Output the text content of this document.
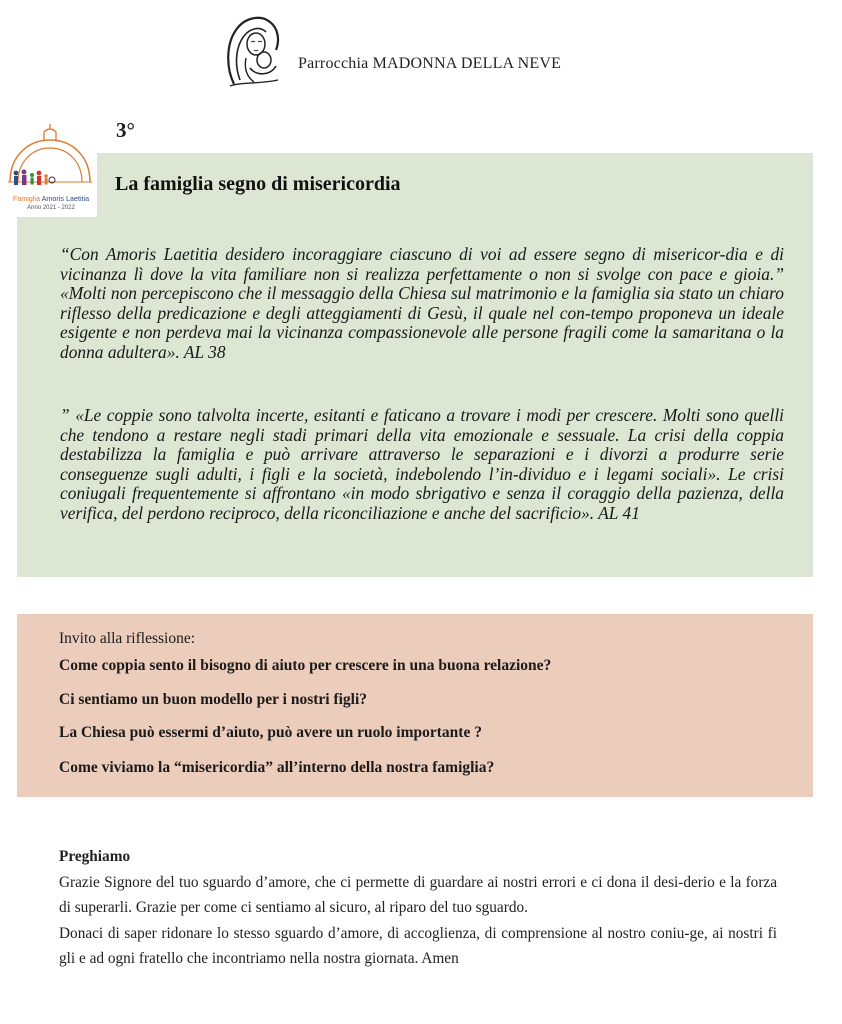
Parrocchia MADONNA DELLA NEVE
3°
Famiglia Amoris Laetitia
Anno 2021 - 2022
La famiglia segno di misericordia

“Con Amoris Laetitia desidero incoraggiare ciascuno di voi ad essere segno di misericor-dia e di vicinanza lì dove la vita familiare non si realizza perfettamente o non si svolge con pace e gioia.” «Molti non percepiscono che il messaggio della Chiesa sul matrimonio e la famiglia sia stato un chiaro riflesso della predicazione e degli atteggiamenti di Gesù, il quale nel con-tempo proponeva un ideale esigente e non perdeva mai la vicinanza compassionevole alle persone fragili come la samaritana o la donna adultera». AL 38

” «Le coppie sono talvolta incerte, esitanti e faticano a trovare i modi per crescere. Molti sono quelli che tendono a restare negli stadi primari della vita emozionale e sessuale. La crisi della coppia destabilizza la famiglia e può arrivare attraverso le separazioni e i divorzi a produrre serie conseguenze sugli adulti, i figli e la società, indebolendo l’in-dividuo e i legami sociali». Le crisi coniugali frequentemente si affrontano «in modo sbrigativo e senza il coraggio della pazienza, della verifica, del perdono reciproco, della riconciliazione e anche del sacrificio». AL 41

Invito alla riflessione:
Come coppia sento il bisogno di aiuto per crescere in una buona relazione?
Ci sentiamo un buon modello per i nostri figli?
La Chiesa può essermi d’aiuto, può avere un ruolo importante ?
Come viviamo la “misericordia” all’interno della nostra famiglia?
Preghiamo

Grazie Signore del tuo sguardo d’amore, che ci permette di guardare ai nostri errori e ci dona il desi-derio e la forza di superarli. Grazie per come ci sentiamo al sicuro, al riparo del tuo sguardo.

Donaci di saper ridonare lo stesso sguardo d’amore, di accoglienza, di comprensione al nostro coniu-ge, ai nostri fi gli e ad ogni fratello che incontriamo nella nostra giornata. Amen
